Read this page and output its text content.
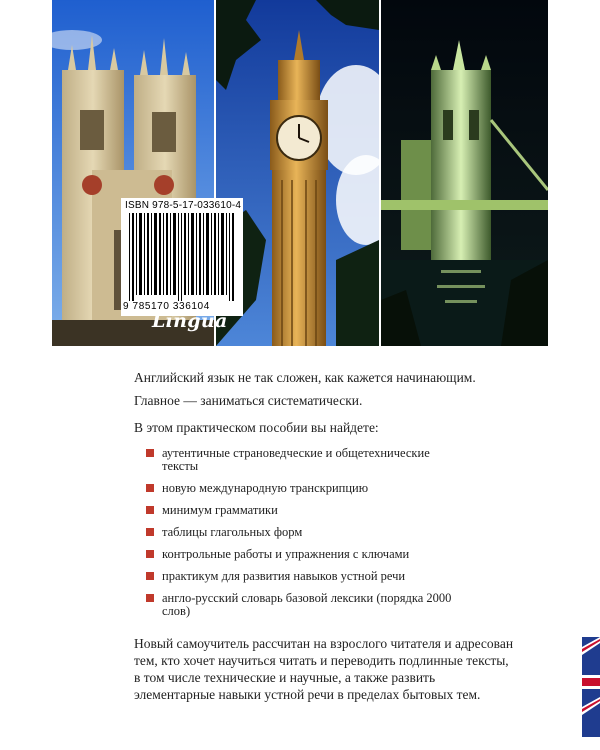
ISBN 978-5-17-033610-4
9 785170 336104
Lingua

Английский язык не так сложен, как кажется начинающим.

Главное — заниматься систематически.

В этом практическом пособии вы найдете:

аутентичные страноведческие и общетехнические тексты
новую международную транскрипцию
минимум грамматики
таблицы глагольных форм
контрольные работы и упражнения с ключами
практикум для развития навыков устной речи
англо-русский словарь базовой лексики (порядка 2000 слов)
Новый самоучитель рассчитан на взрослого читателя и адресован тем, кто хочет научиться читать и переводить подлинные тексты, в том числе технические и научные, а также развить элементарные навыки устной речи в пределах бытовых тем.
